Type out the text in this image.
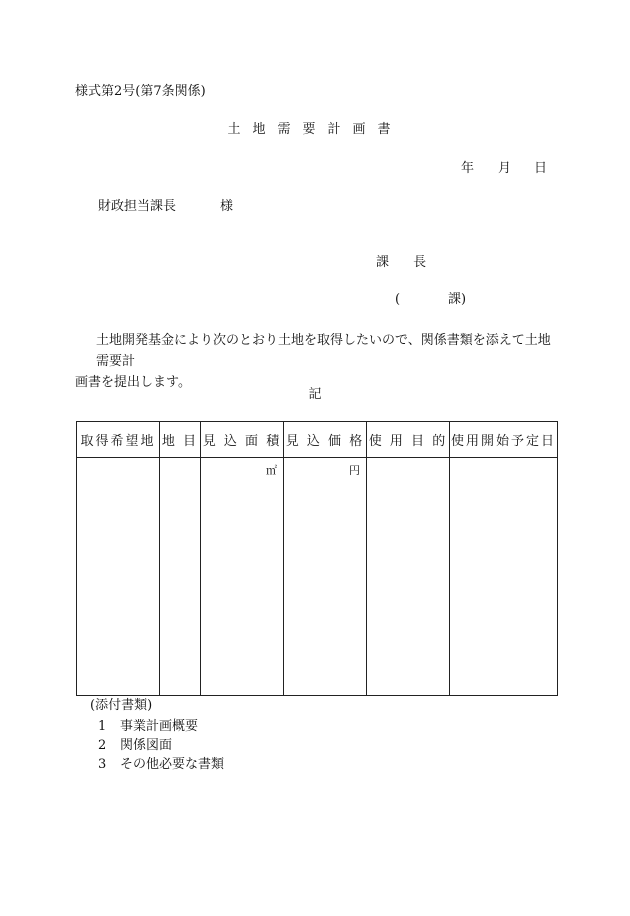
様式第2号(第7条関係)
土地需要計画書
年 月 日
財政担当課長	様
課 長
(	課)
土地開発基金により次のとおり土地を取得したいので、関係書類を添えて土地需要計
画書を提出します。
記
取得希望地	地 目	見 込 面 積	見 込 価 格	使 用 目 的	使用開始予定日
		㎡	円		
(添付書類)
1 事業計画概要
2 関係図面
3 その他必要な書類
